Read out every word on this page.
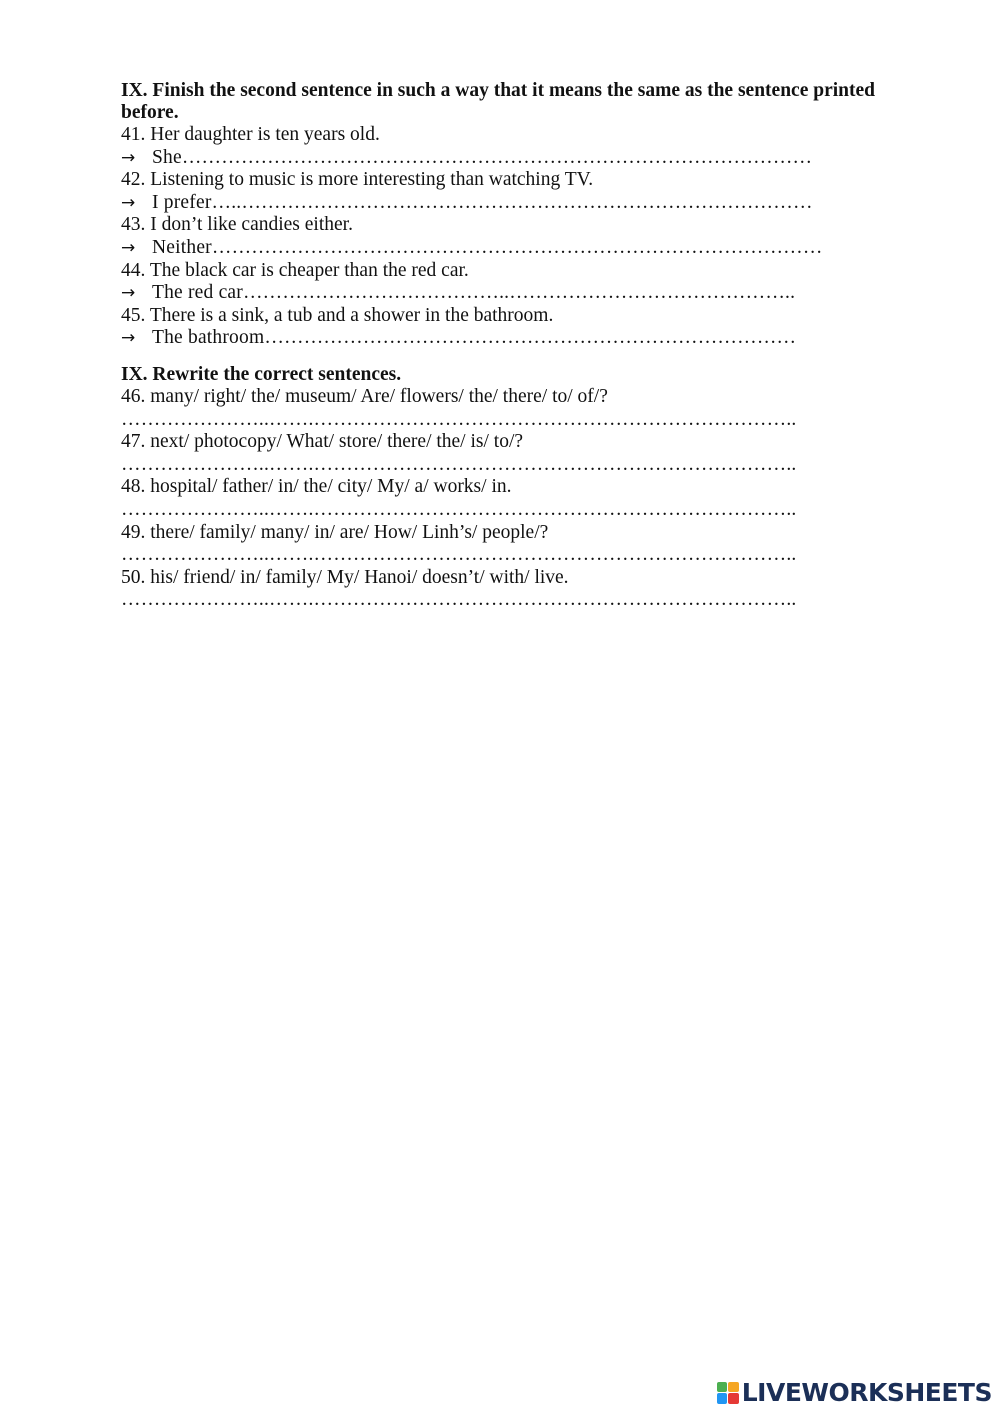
IX. Finish the second sentence in such a way that it means the same as the sentence printed before.

41. Her daughter is ten years old.
→ She……………………………………………………………………………………
42. Listening to music is more interesting than watching TV.
→ I prefer…..……………………………………………………………………………
43. I don’t like candies either.
→ Neither…………………………………………………………………………………
44. The black car is cheaper than the red car.
→ The red car…………………………………..……………………………………..
45. There is a sink, a tub and a shower in the bathroom.
→ The bathroom………………………………………………………………………

IX. Rewrite the correct sentences.

46. many/ right/ the/ museum/ Are/ flowers/ the/ there/ to/ of/?
…………………..…….………………………………………………………………..
47. next/ photocopy/ What/ store/ there/ the/ is/ to/?
…………………..…….………………………………………………………………..
48. hospital/ father/ in/ the/ city/ My/ a/ works/ in.
…………………..…….………………………………………………………………..
49. there/ family/ many/ in/ are/ How/ Linh’s/ people/?
…………………..…….………………………………………………………………..
50. his/ friend/ in/ family/ My/ Hanoi/ doesn’t/ with/ live.
…………………..…….………………………………………………………………..
LIVEWORKSHEETS
